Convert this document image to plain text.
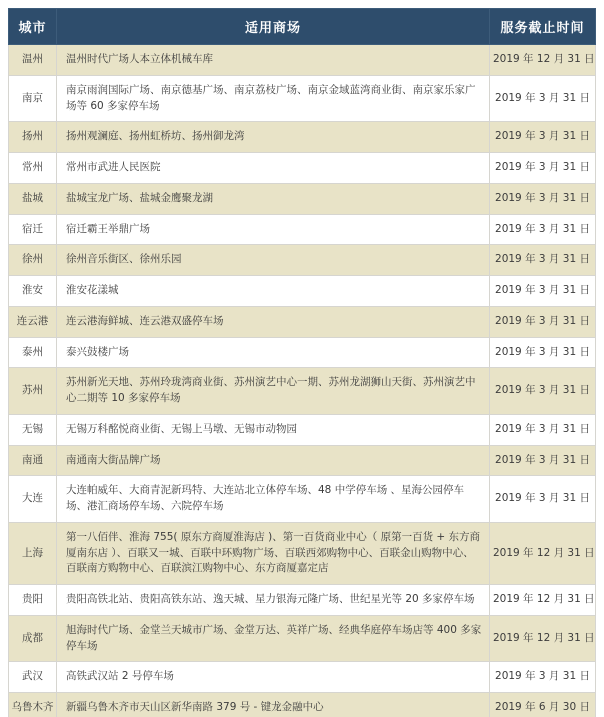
城市	适用商场	服务截止时间
温州	温州时代广场人本立体机械车库	2019 年 12 月 31 日
南京	南京雨润国际广场、南京德基广场、南京荔枝广场、南京金域蓝湾商业街、南京家乐家广场等 60 多家停车场	2019 年 3 月 31 日
扬州	扬州观澜庭、扬州虹桥坊、扬州御龙湾	2019 年 3 月 31 日
常州	常州市武进人民医院	2019 年 3 月 31 日
盐城	盐城宝龙广场、盐城金鹰聚龙湖	2019 年 3 月 31 日
宿迁	宿迁霸王举鼎广场	2019 年 3 月 31 日
徐州	徐州音乐街区、徐州乐园	2019 年 3 月 31 日
淮安	淮安花漾城	2019 年 3 月 31 日
连云港	连云港海鲜城、连云港双盛停车场	2019 年 3 月 31 日
泰州	泰兴鼓楼广场	2019 年 3 月 31 日
苏州	苏州新光天地、苏州玲珑湾商业街、苏州演艺中心一期、苏州龙湖狮山天街、苏州演艺中心二期等 10 多家停车场	2019 年 3 月 31 日
无锡	无锡万科酩悦商业街、无锡上马墩、无锡市动物园	2019 年 3 月 31 日
南通	南通南大街品牌广场	2019 年 3 月 31 日
大连	大连帕威年、大商青泥新玛特、大连站北立体停车场、48 中学停车场 、星海公园停车场、港汇商场停车场、六院停车场	2019 年 3 月 31 日
上海	第一八佰伴、淮海 755( 原东方商厦淮海店 )、第一百货商业中心（ 原第一百货 + 东方商厦南东店 ）、百联又一城、百联中环购物广场、百联西郊购物中心、百联金山购物中心、百联南方购物中心、百联滨江购物中心、东方商厦嘉定店	2019 年 12 月 31 日
贵阳	贵阳高铁北站、贵阳高铁东站、逸天城、星力银海元隆广场、世纪星光等 20 多家停车场	2019 年 12 月 31 日
成都	旭海时代广场、金堂兰天城市广场、金堂万达、英祥广场、经典华庭停车场店等 400 多家停车场	2019 年 12 月 31 日
武汉	高铁武汉站 2 号停车场	2019 年 3 月 31 日
乌鲁木齐	新疆乌鲁木齐市天山区新华南路 379 号 - 键龙金融中心	2019 年 6 月 30 日
